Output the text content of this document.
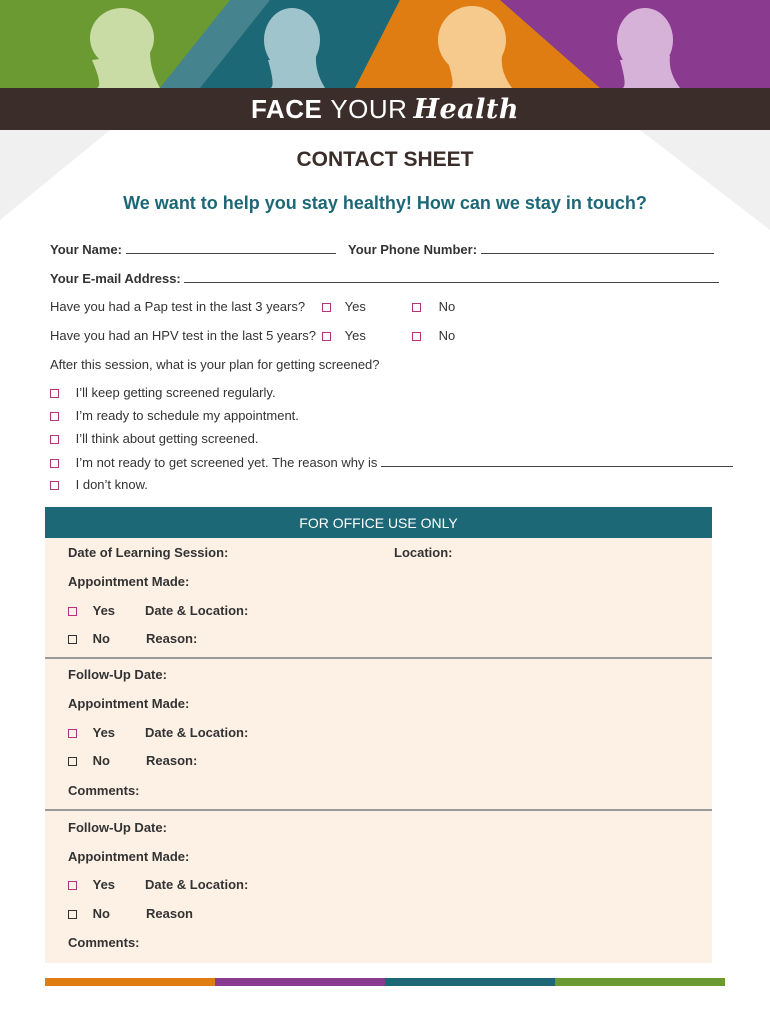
FACE YOUR Health
CONTACT SHEET
We want to help you stay healthy! How can we stay in touch?
Your Name:	Your Phone Number:
Your E-mail Address:
Have you had a Pap test in the last 3 years?	Yes	No
Have you had an HPV test in the last 5 years?	Yes	No
After this session, what is your plan for getting screened?
I’ll keep getting screened regularly.
I’m ready to schedule my appointment.
I’ll think about getting screened.
I’m not ready to get screened yet. The reason why is
I don’t know.
FOR OFFICE USE ONLY
Date of Learning Session:	Location:
Appointment Made:
Yes Date & Location:
No	Reason:
Follow-Up Date:
Appointment Made:
Yes Date & Location:
No	Reason:
Comments:
Follow-Up Date:
Appointment Made:
Yes Date & Location:
No	Reason
Comments:
